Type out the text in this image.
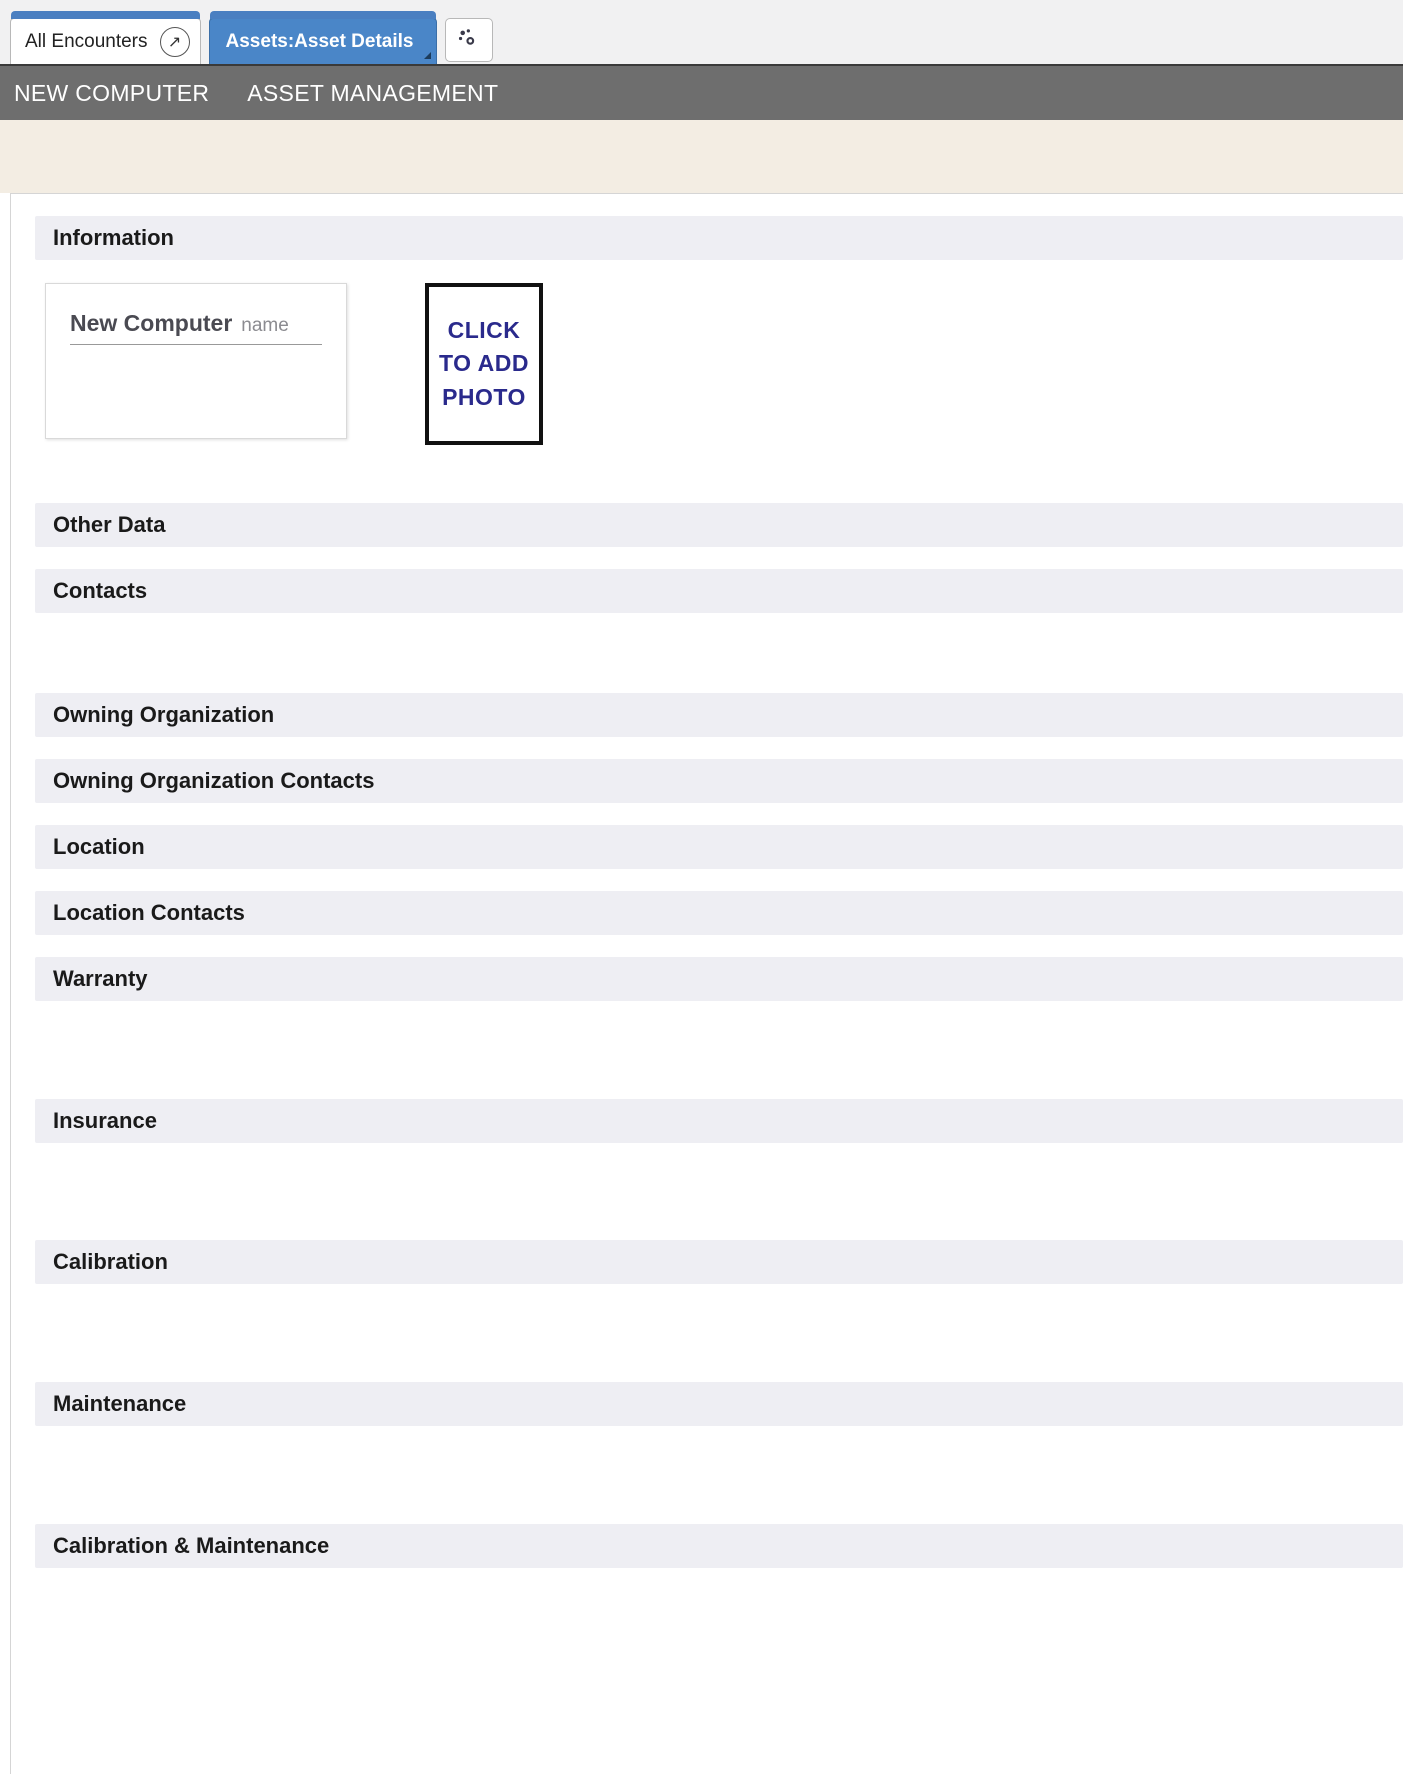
All Encounters	↗	Assets:Asset Details
NEW COMPUTER ASSET MANAGEMENT
Information
New Computer name	CLICK
TO ADD
PHOTO
Other Data
Contacts
Owning Organization
Owning Organization Contacts
Location
Location Contacts
Warranty
Insurance
Calibration
Maintenance
Calibration & Maintenance
